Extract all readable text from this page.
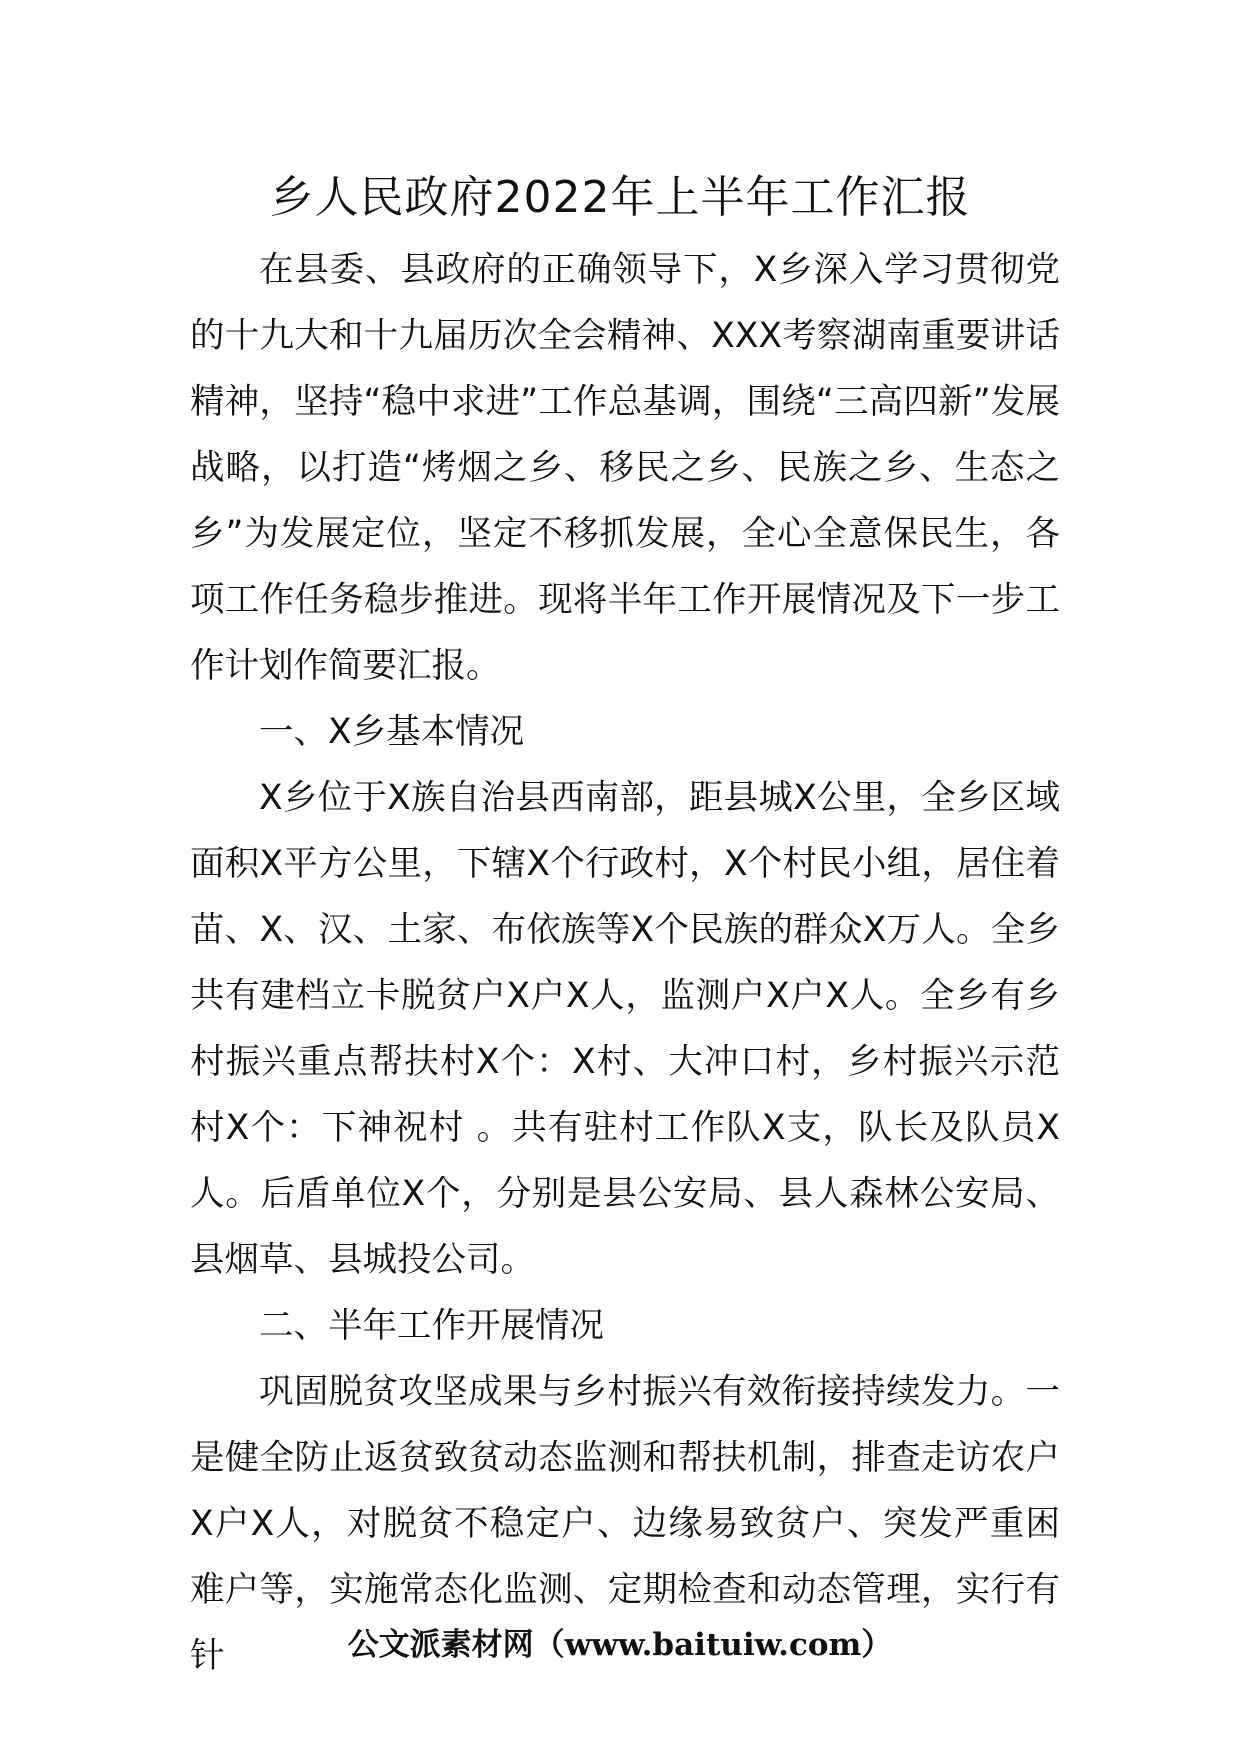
乡人民政府2022年上半年工作汇报

在县委、县政府的正确领导下，X乡深入学习贯彻党的十九大和十九届历次全会精神、XXX考察湖南重要讲话精神，坚持“稳中求进”工作总基调，围绕“三高四新”发展战略，以打造“烤烟之乡、移民之乡、民族之乡、生态之乡”为发展定位，坚定不移抓发展，全心全意保民生，各项工作任务稳步推进。现将半年工作开展情况及下一步工作计划作简要汇报。

一、X乡基本情况

X乡位于X族自治县西南部，距县城X公里，全乡区域面积X平方公里，下辖X个行政村，X个村民小组，居住着苗、X、汉、土家、布依族等X个民族的群众X万人。全乡共有建档立卡脱贫户X户X人，监测户X户X人。全乡有乡村振兴重点帮扶村X个：X村、大冲口村，乡村振兴示范村X个：下神祝村 。共有驻村工作队X支，队长及队员X人。后盾单位X个，分别是县公安局、县人森林公安局、县烟草、县城投公司。

二、半年工作开展情况

巩固脱贫攻坚成果与乡村振兴有效衔接持续发力。一是健全防止返贫致贫动态监测和帮扶机制，排查走访农户X户X人，对脱贫不稳定户、边缘易致贫户、突发严重困难户等，实施常态化监测、定期检查和动态管理，实行有针	公文派素材网（www.baituiw.com）
